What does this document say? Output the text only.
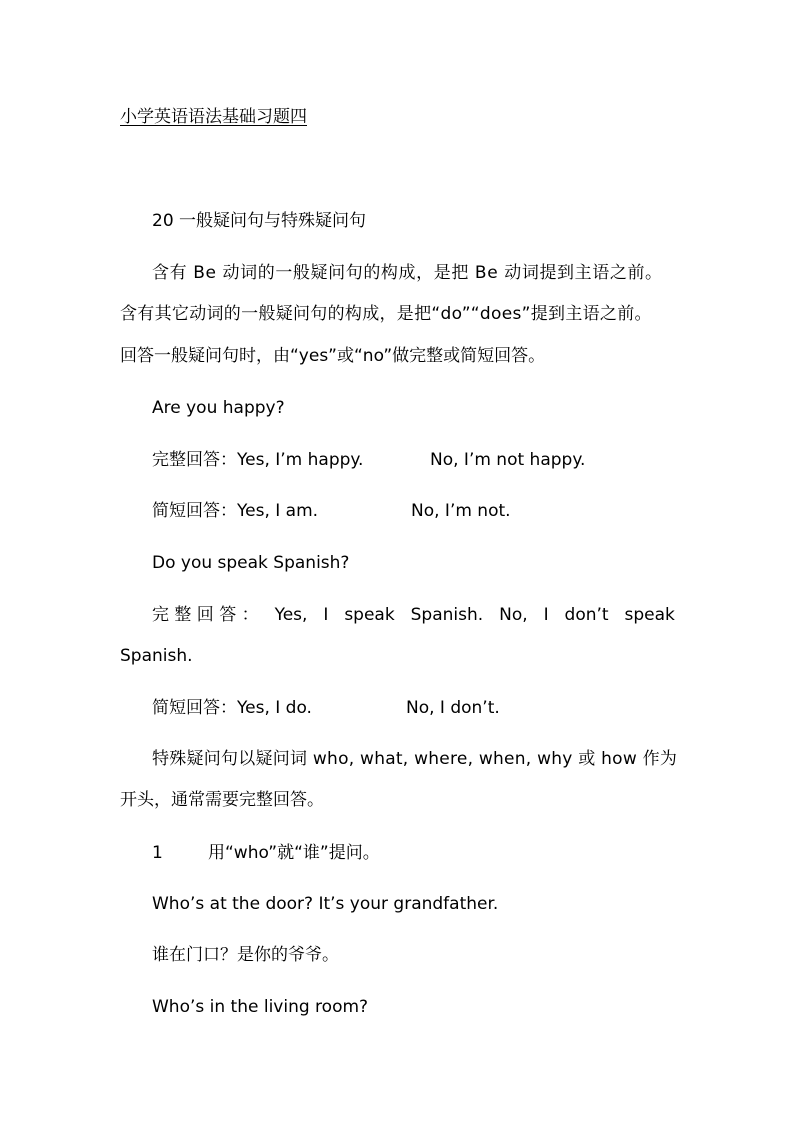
小学英语语法基础习题四
20 一般疑问句与特殊疑问句
含有 Be 动词的一般疑问句的构成，是把 Be 动词提到主语之前。
含有其它动词的一般疑问句的构成，是把“do”“does”提到主语之前。
回答一般疑问句时，由“yes”或“no”做完整或简短回答。
Are you happy?
完整回答：Yes, I’m happy.	No, I’m not happy.
简短回答：Yes, I am.	No, I’m not.
Do you speak Spanish?
完 整 回 答 ： Yes, I speak Spanish. No, I don’t speak
Spanish.
简短回答：Yes, I do.	No, I don’t.
特殊疑问句以疑问词 who, what, where, when, why 或 how 作为
开头，通常需要完整回答。
1	用“who”就“谁”提问。
Who’s at the door? It’s your grandfather.
谁在门口？是你的爷爷。
Who’s in the living room?
